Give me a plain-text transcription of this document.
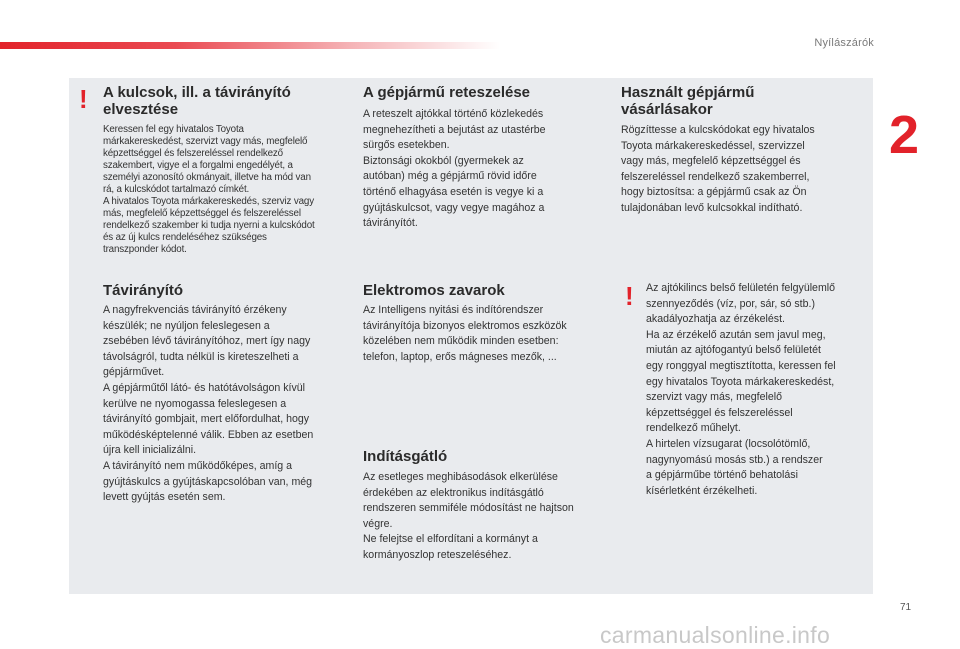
Nyílászárók
2
! A kulcsok, ill. a távirányító
elvesztése
Keressen fel egy hivatalos Toyota
márkakereskedést, szervizt vagy más, megfelelő
képzettséggel és felszereléssel rendelkező
szakembert, vigye el a forgalmi engedélyét, a
személyi azonosító okmányait, illetve ha mód van
rá, a kulcskódot tartalmazó címkét.
A hivatalos Toyota márkakereskedés, szerviz vagy
más, megfelelő képzettséggel és felszereléssel
rendelkező szakember ki tudja nyerni a kulcskódot
és az új kulcs rendeléséhez szükséges
transzponder kódot.
Távirányító
A nagyfrekvenciás távirányító érzékeny
készülék; ne nyúljon feleslegesen a
zsebében lévő távirányítóhoz, mert így nagy
távolságról, tudta nélkül is kireteszelheti a
gépjárművet.
A gépjárműtől látó- és hatótávolságon kívül
kerülve ne nyomogassa feleslegesen a
távirányító gombjait, mert előfordulhat, hogy
működésképtelenné válik. Ebben az esetben
újra kell inicializálni.
A távirányító nem működőképes, amíg a
gyújtáskulcs a gyújtáskapcsolóban van, még
levett gyújtás esetén sem.
A gépjármű reteszelése
A reteszelt ajtókkal történő közlekedés
megnehezítheti a bejutást az utastérbe
sürgős esetekben.
Biztonsági okokból (gyermekek az
autóban) még a gépjármű rövid időre
történő elhagyása esetén is vegye ki a
gyújtáskulcsot, vagy vegye magához a
távirányítót.
Elektromos zavarok
Az Intelligens nyitási és indítórendszer
távirányítója bizonyos elektromos eszközök
közelében nem működik minden esetben:
telefon, laptop, erős mágneses mezők, ...
Indításgátló
Az esetleges meghibásodások elkerülése
érdekében az elektronikus indításgátló
rendszeren semmiféle módosítást ne hajtson
végre.
Ne felejtse el elfordítani a kormányt a
kormányoszlop reteszeléséhez.
Használt gépjármű
vásárlásakor
Rögzíttesse a kulcskódokat egy hivatalos
Toyota márkakereskedéssel, szervizzel
vagy más, megfelelő képzettséggel és
felszereléssel rendelkező szakemberrel,
hogy biztosítsa: a gépjármű csak az Ön
tulajdonában levő kulcsokkal indítható.
! Az ajtókilincs belső felületén felgyülemlő
szennyeződés (víz, por, sár, só stb.)
akadályozhatja az érzékelést.
Ha az érzékelő azután sem javul meg,
miután az ajtófogantyú belső felületét
egy ronggyal megtisztította, keressen fel
egy hivatalos Toyota márkakereskedést,
szervizt vagy más, megfelelő
képzettséggel és felszereléssel
rendelkező műhelyt.
A hirtelen vízsugarat (locsolótömlő,
nagynyomású mosás stb.) a rendszer
a gépjárműbe történő behatolási
kísérletként érzékelheti.
71
carmanualsonline.info
